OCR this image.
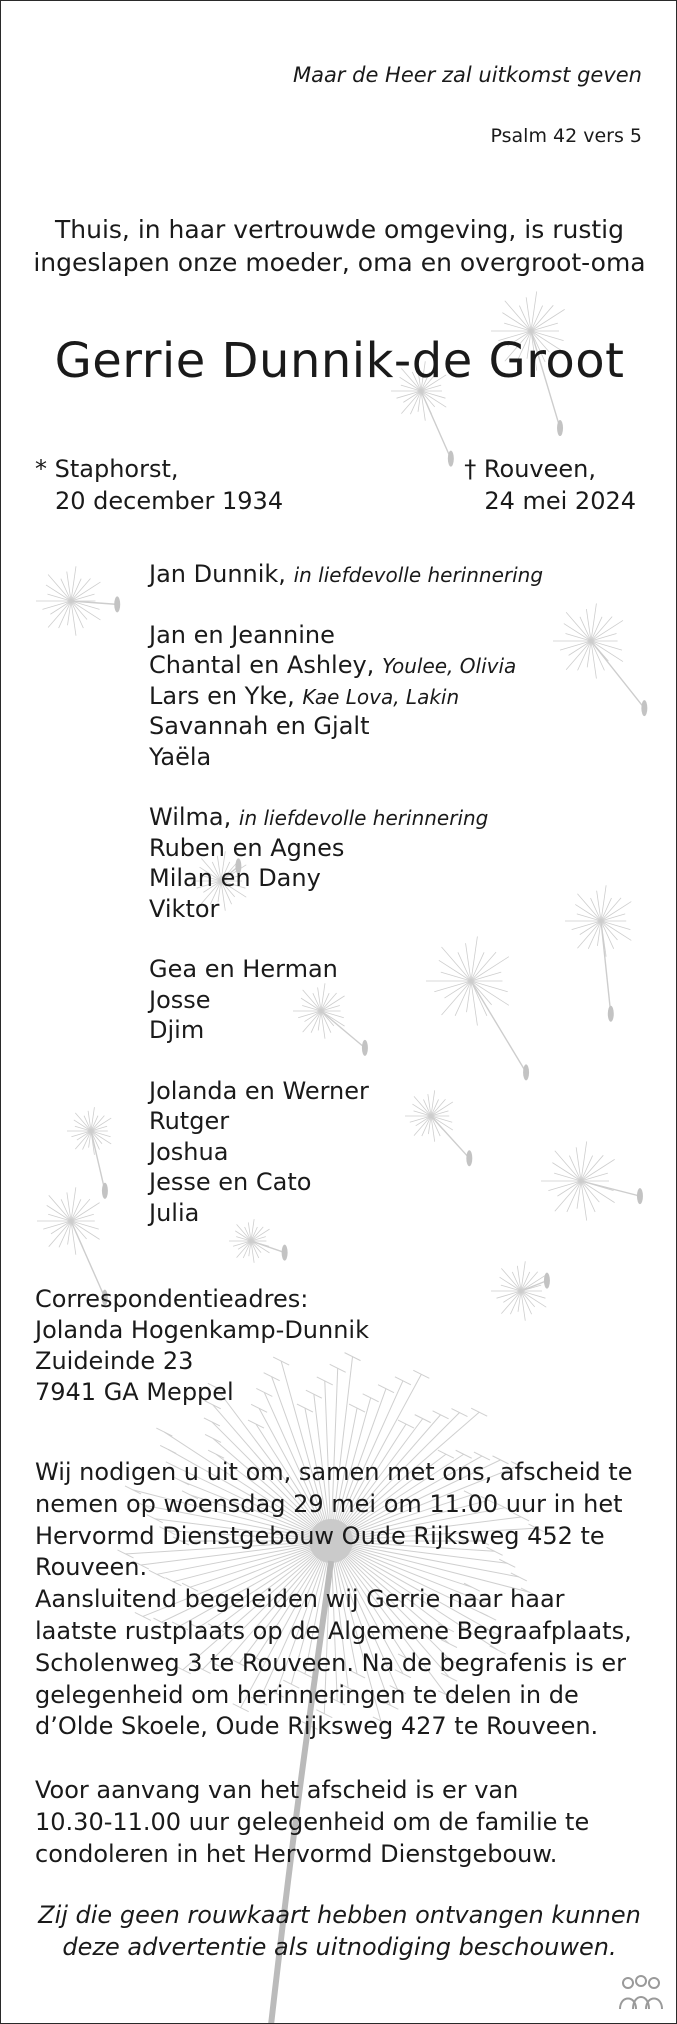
Maar de Heer zal uitkomst geven
Psalm 42 vers 5
Thuis, in haar vertrouwde omgeving, is rustig
ingeslapen onze moeder, oma en overgroot-oma
Gerrie Dunnik-de Groot
* Staphorst,
20 december 1934
† Rouveen,
24 mei 2024
Jan Dunnik, in liefdevolle herinnering
Jan en Jeannine
Chantal en Ashley, Youlee, Olivia
Lars en Yke, Kae Lova, Lakin
Savannah en Gjalt
Yaëla
Wilma, in liefdevolle herinnering
Ruben en Agnes
Milan en Dany
Viktor
Gea en Herman
Josse
Djim
Jolanda en Werner
Rutger
Joshua
Jesse en Cato
Julia
Correspondentieadres:
Jolanda Hogenkamp-Dunnik
Zuideinde 23
7941 GA Meppel
Wij nodigen u uit om, samen met ons, afscheid te
nemen op woensdag 29 mei om 11.00 uur in het
Hervormd Dienstgebouw Oude Rijksweg 452 te
Rouveen.
Aansluitend begeleiden wij Gerrie naar haar
laatste rustplaats op de Algemene Begraafplaats,
Scholenweg 3 te Rouveen. Na de begrafenis is er
gelegenheid om herinneringen te delen in de
d’Olde Skoele, Oude Rijksweg 427 te Rouveen.
Voor aanvang van het afscheid is er van
10.30-11.00 uur gelegenheid om de familie te
condoleren in het Hervormd Dienstgebouw.
Zij die geen rouwkaart hebben ontvangen kunnen
deze advertentie als uitnodiging beschouwen.
